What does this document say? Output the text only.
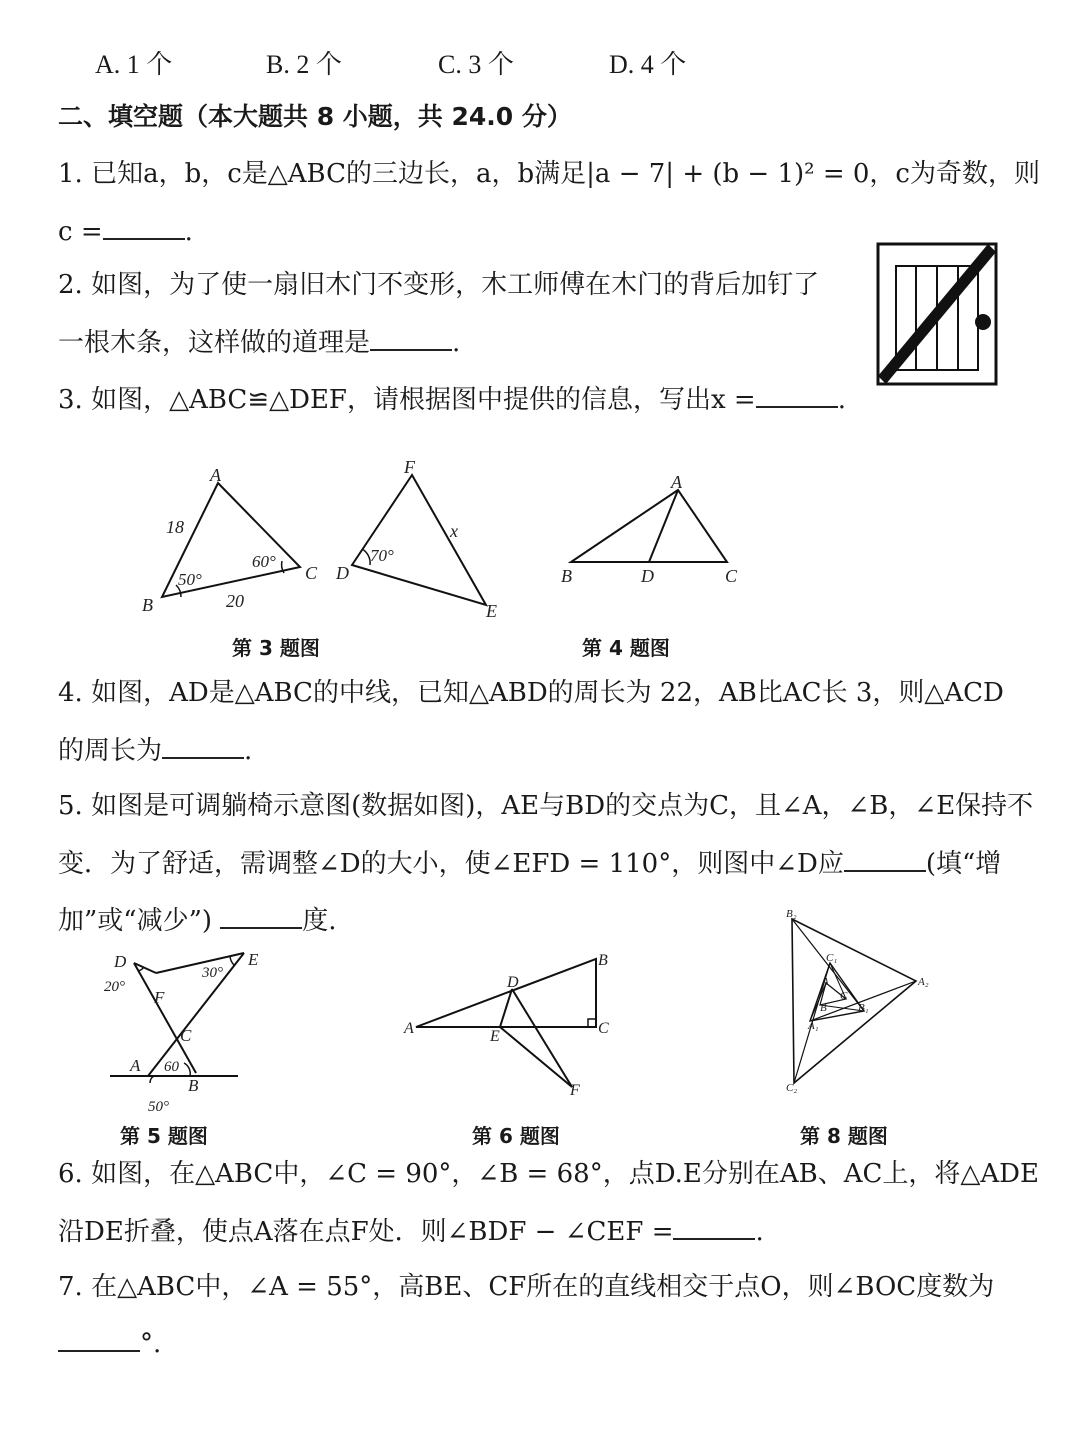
A. 1 个	B. 2 个	C. 3 个	D. 4 个
二、填空题（本大题共 8 小题，共 24.0 分）
1. 已知a，b，c是△ABC的三边长，a，b满足|a − 7| + (b − 1)² = 0，c为奇数，则
c =	.
2. 如图，为了使一扇旧木门不变形，木工师傅在木门的背后加钉了
一根木条，这样做的道理是	.
3. 如图，△ABC≌△DEF，请根据图中提供的信息，写出x =	.
A
B
C
18
20
50°
60°
F
D
E
x
70°
第 3 题图
A
B	D	C
第 4 题图
4. 如图，AD是△ABC的中线，已知△ABD的周长为 22，AB比AC长 3，则△ACD
的周长为	.
5. 如图是可调躺椅示意图(数据如图)，AE与BD的交点为C，且∠A，∠B，∠E保持不
变．为了舒适，需调整∠D的大小，使∠EFD = 110°，则图中∠D应	(填“增
加”或“减少”)	度.
D	E
F
C
A
B
20°
30°
60
50°
第 5 题图
A
B
C
D
E
F
第 6 题图
B₂
C₁
A
B
C
B₁
A₁
A₂
C₂
第 8 题图
6. 如图，在△ABC中，∠C = 90°，∠B = 68°，点D.E分别在AB、AC上，将△ADE
沿DE折叠，使点A落在点F处．则∠BDF − ∠CEF =	.
7. 在△ABC中，∠A = 55°，高BE、CF所在的直线相交于点O，则∠BOC度数为
°.
